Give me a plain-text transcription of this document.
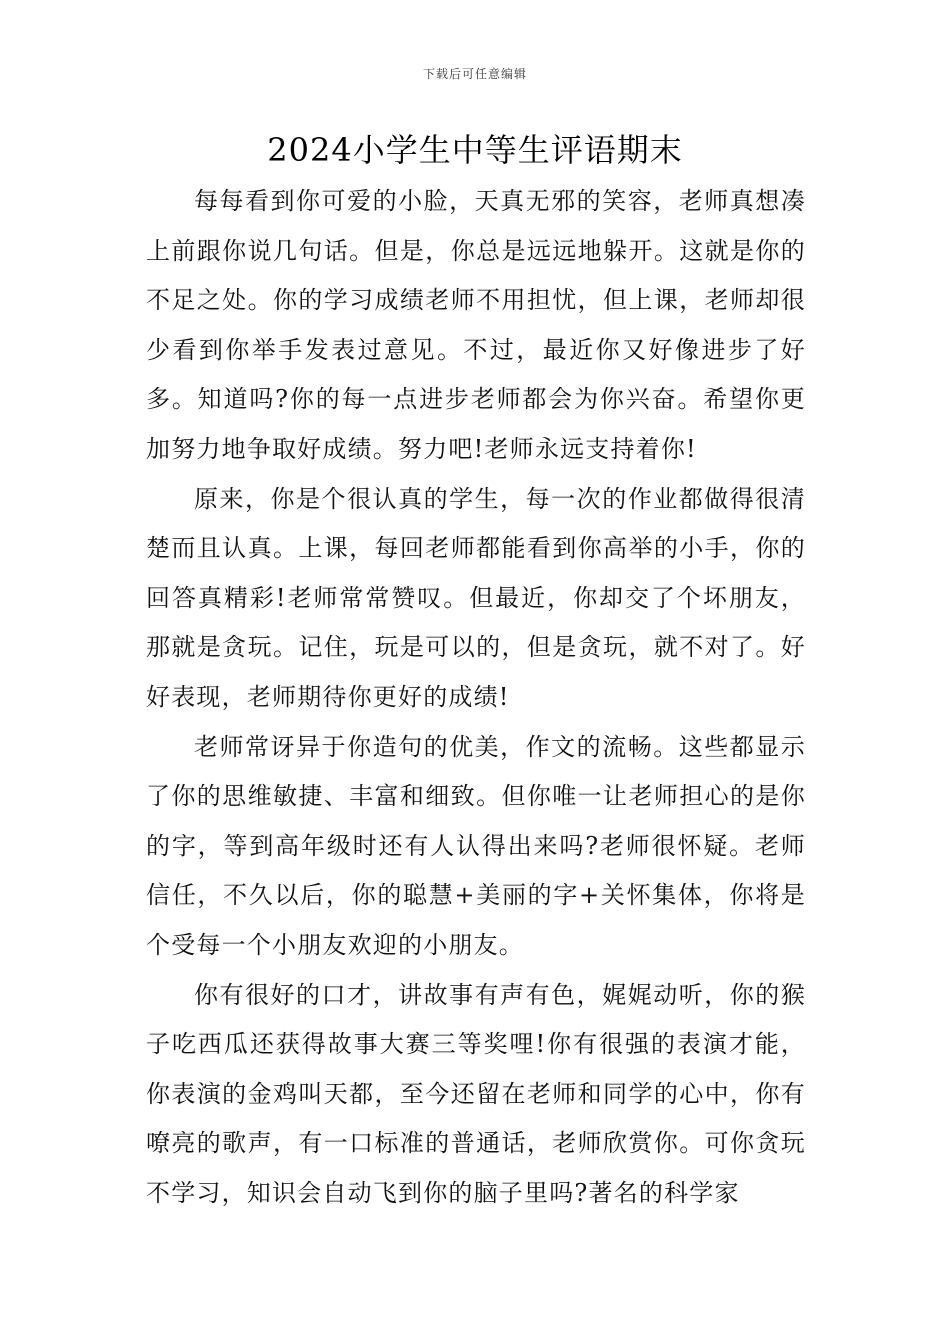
下载后可任意编辑
2024小学生中等生评语期末

每每看到你可爱的小脸，天真无邪的笑容，老师真想凑上前跟你说几句话。但是，你总是远远地躲开。这就是你的不足之处。你的学习成绩老师不用担忧，但上课，老师却很少看到你举手发表过意见。不过，最近你又好像进步了好多。知道吗?你的每一点进步老师都会为你兴奋。希望你更加努力地争取好成绩。努力吧!老师永远支持着你!

原来，你是个很认真的学生，每一次的作业都做得很清楚而且认真。上课，每回老师都能看到你高举的小手，你的回答真精彩!老师常常赞叹。但最近，你却交了个坏朋友，那就是贪玩。记住，玩是可以的，但是贪玩，就不对了。好好表现，老师期待你更好的成绩!

老师常讶异于你造句的优美，作文的流畅。这些都显示了你的思维敏捷、丰富和细致。但你唯一让老师担心的是你的字，等到高年级时还有人认得出来吗?老师很怀疑。老师信任，不久以后，你的聪慧+美丽的字+关怀集体，你将是个受每一个小朋友欢迎的小朋友。

你有很好的口才，讲故事有声有色，娓娓动听，你的猴子吃西瓜还获得故事大赛三等奖哩!你有很强的表演才能，你表演的金鸡叫天都，至今还留在老师和同学的心中，你有嘹亮的歌声，有一口标准的普通话，老师欣赏你。可你贪玩不学习，知识会自动飞到你的脑子里吗?著名的科学家
